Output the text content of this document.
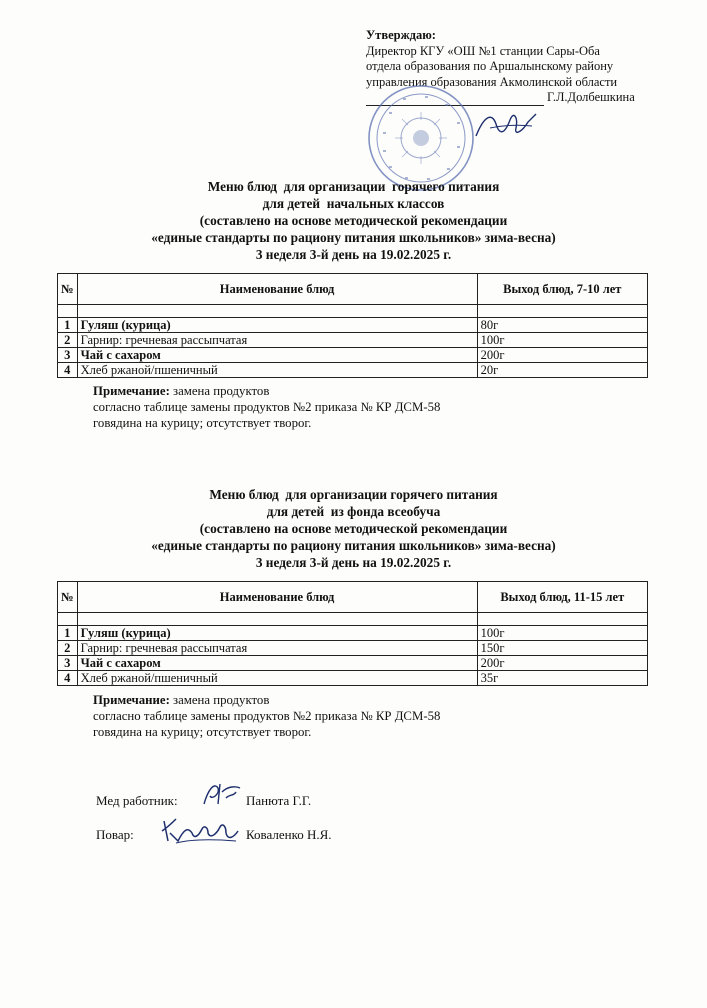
Утверждаю:
Директор КГУ «ОШ №1 станции Сары-Оба
отдела образования по Аршалынскому району
управления образования Акмолинской области
Г.Л.Долбешкина
Меню блюд  для организации  горячего питания
для детей  начальных классов
(составлено на основе методической рекомендации
«единые стандарты по рациону питания школьников» зима-весна)
3 неделя 3-й день на 19.02.2025 г.
№	Наименование блюд	Выход блюд, 7-10 лет

1	Гуляш (курица)	80г
2	Гарнир: гречневая рассыпчатая	100г
3	Чай с сахаром	200г
4	Хлеб ржаной/пшеничный	20г
Примечание: замена продуктов
согласно таблице замены продуктов №2 приказа № КР ДСМ-58
говядина на курицу; отсутствует творог.
Меню блюд  для организации горячего питания
для детей  из фонда всеобуча
(составлено на основе методической рекомендации
«единые стандарты по рациону питания школьников» зима-весна)
3 неделя 3-й день на 19.02.2025 г.
№	Наименование блюд	Выход блюд, 11-15 лет

1	Гуляш (курица)	100г
2	Гарнир: гречневая рассыпчатая	150г
3	Чай с сахаром	200г
4	Хлеб ржаной/пшеничный	35г
Примечание: замена продуктов
согласно таблице замены продуктов №2 приказа № КР ДСМ-58
говядина на курицу; отсутствует творог.
Мед работник:	Панюта Г.Г.
Повар:	Коваленко Н.Я.
